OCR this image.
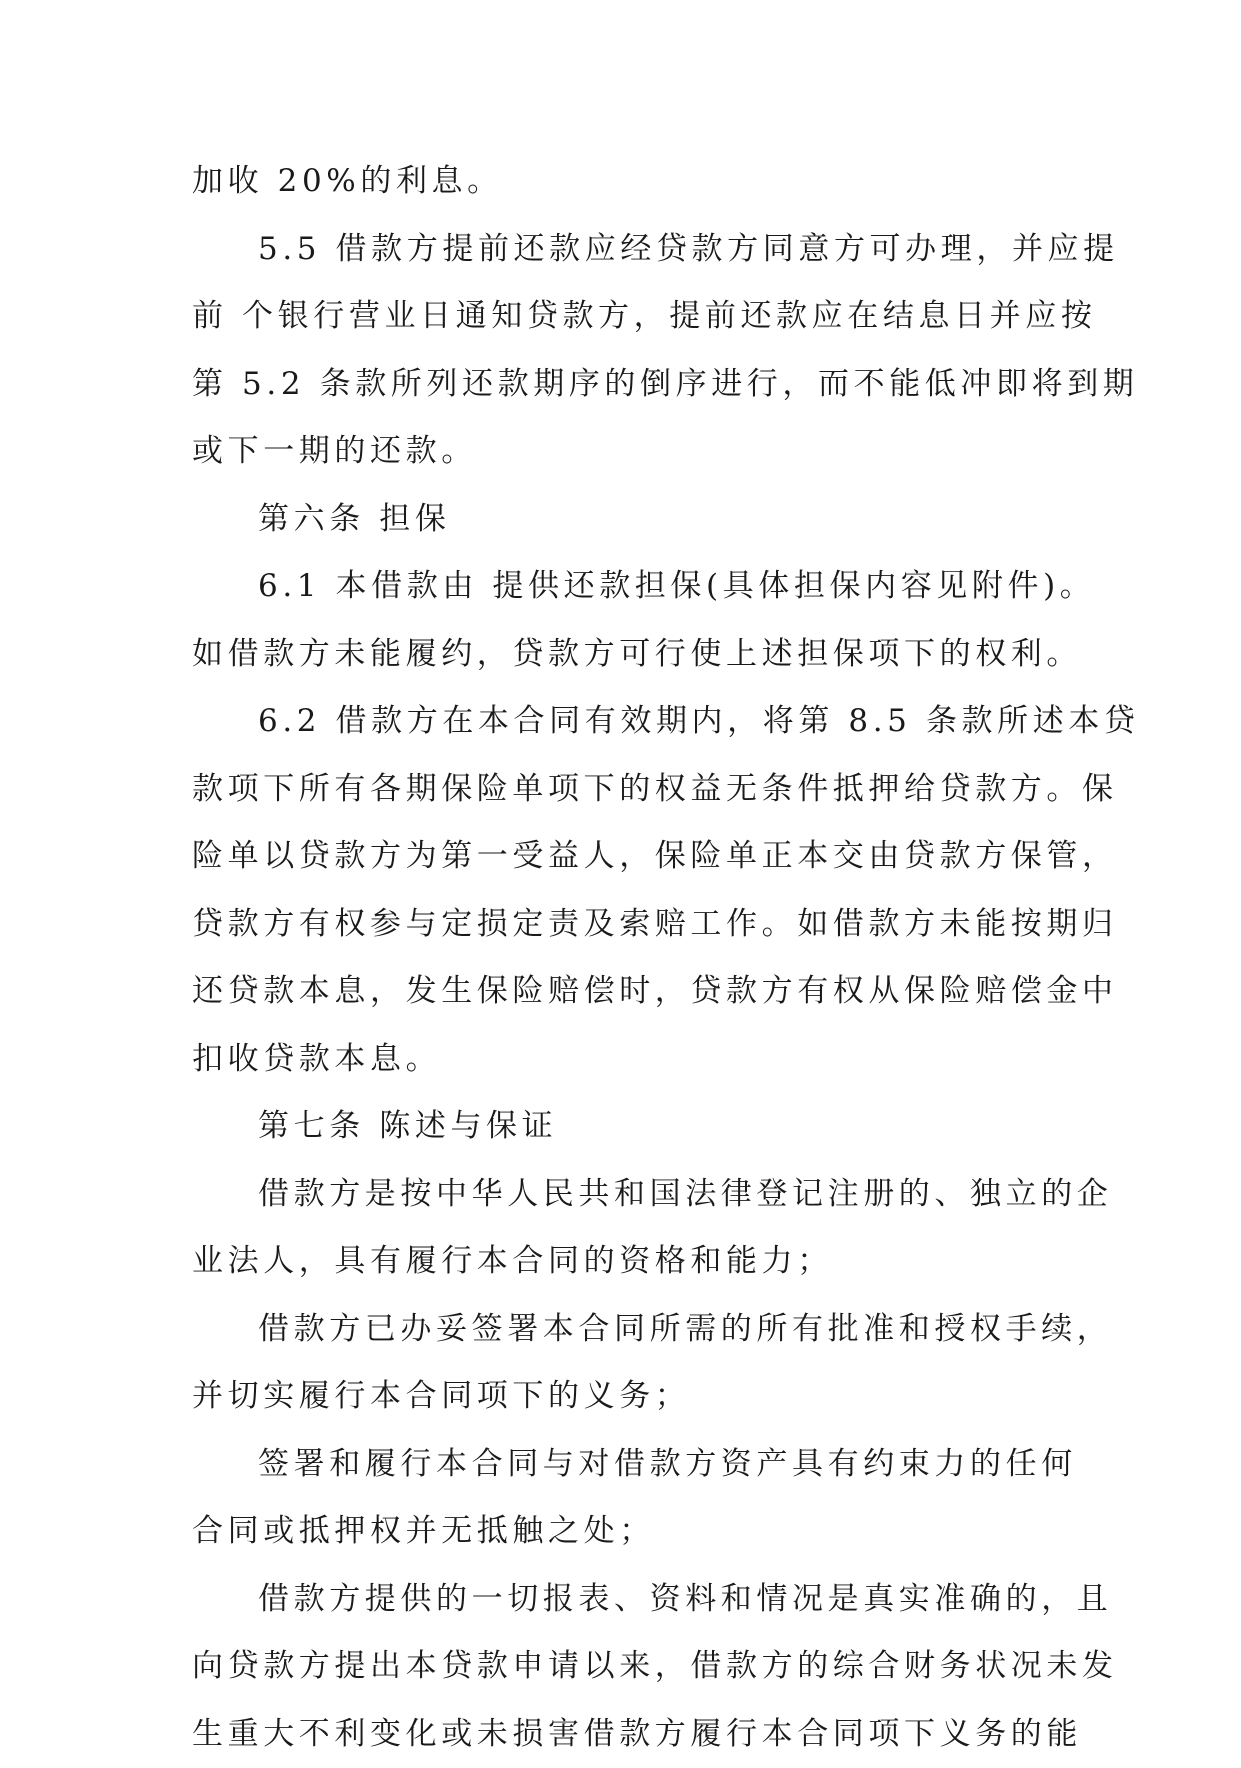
加收 20%的利息。
5.5 借款方提前还款应经贷款方同意方可办理，并应提
前 个银行营业日通知贷款方，提前还款应在结息日并应按
第 5.2 条款所列还款期序的倒序进行，而不能低冲即将到期
或下一期的还款。
第六条 担保
6.1 本借款由 提供还款担保(具体担保内容见附件)。
如借款方未能履约，贷款方可行使上述担保项下的权利。
6.2 借款方在本合同有效期内，将第 8.5 条款所述本贷
款项下所有各期保险单项下的权益无条件抵押给贷款方。保
险单以贷款方为第一受益人，保险单正本交由贷款方保管，
贷款方有权参与定损定责及索赔工作。如借款方未能按期归
还贷款本息，发生保险赔偿时，贷款方有权从保险赔偿金中
扣收贷款本息。
第七条 陈述与保证
借款方是按中华人民共和国法律登记注册的、独立的企
业法人，具有履行本合同的资格和能力；
借款方已办妥签署本合同所需的所有批准和授权手续，
并切实履行本合同项下的义务；
签署和履行本合同与对借款方资产具有约束力的任何
合同或抵押权并无抵触之处；
借款方提供的一切报表、资料和情况是真实准确的，且
向贷款方提出本贷款申请以来，借款方的综合财务状况未发
生重大不利变化或未损害借款方履行本合同项下义务的能
